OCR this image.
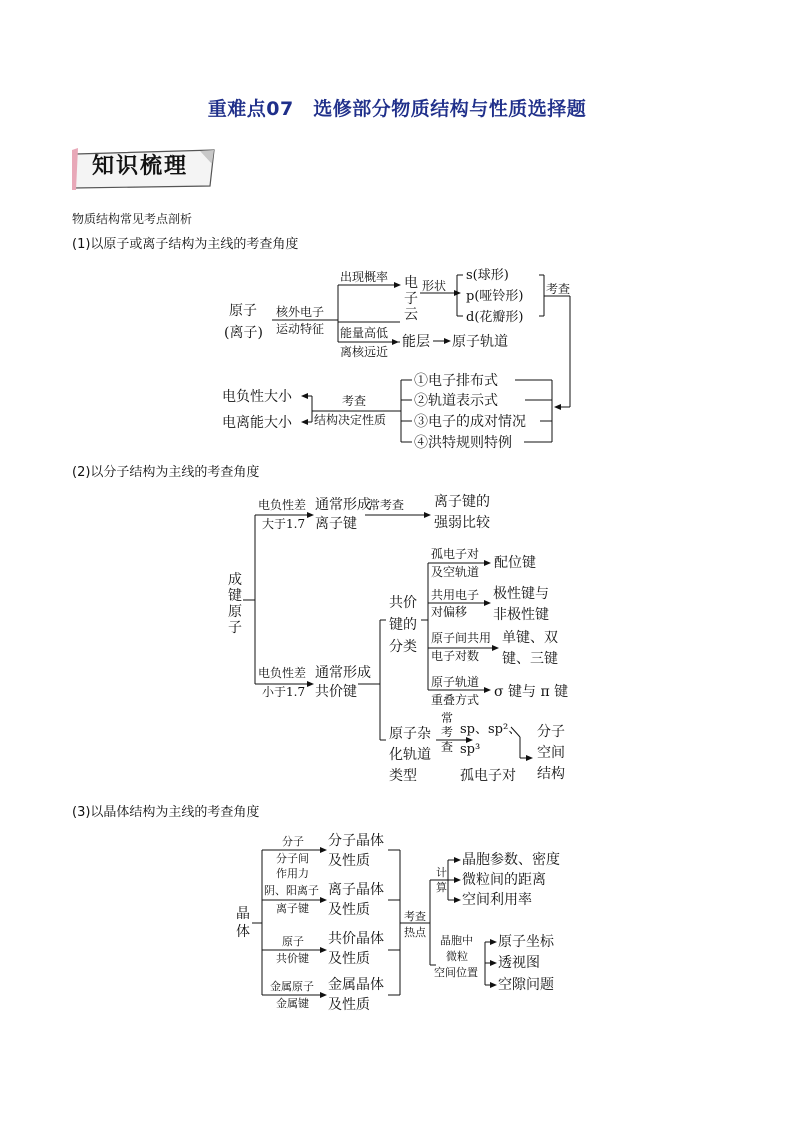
重难点07　选修部分物质结构与性质选择题
知识梳理
物质结构常见考点剖析
(1)以原子或离子结构为主线的考查角度
(2)以分子结构为主线的考查角度
(3)以晶体结构为主线的考查角度
原子
(离子)
核外电子
运动特征
出现概率
能量高低
离核远近
电
子
云
形状
s(球形)
p(哑铃形)
d(花瓣形)
考查
能层 原子轨道
①电子排布式
②轨道表示式
③电子的成对情况
④洪特规则特例
考查
结构决定性质
电负性大小
电离能大小
成
键
原
子
电负性差
大于1.7
通常形成
离子键
常考查 离子键的
强弱比较
电负性差
小于1.7
通常形成
共价键
共价
键的
分类
孤电子对
及空轨道
配位键
共用电子
对偏移
极性键与
非极性键
原子间共用
电子对数
单键、双
键、三键
原子轨道
重叠方式 σ 键与 π 键
原子杂
化轨道
类型
常
考
查
sp、sp²、
sp³
孤电子对
分子
空间
结构
晶
体
分子
分子间
作用力
阴、阳离子
离子键
原子
共价键
金属原子
金属键
分子晶体
及性质
离子晶体
及性质
共价晶体
及性质
金属晶体
及性质
考查
热点
计
算
晶胞参数、密度
微粒间的距离
空间利用率
晶胞中
微粒
空间位置
原子坐标
透视图
空隙问题
